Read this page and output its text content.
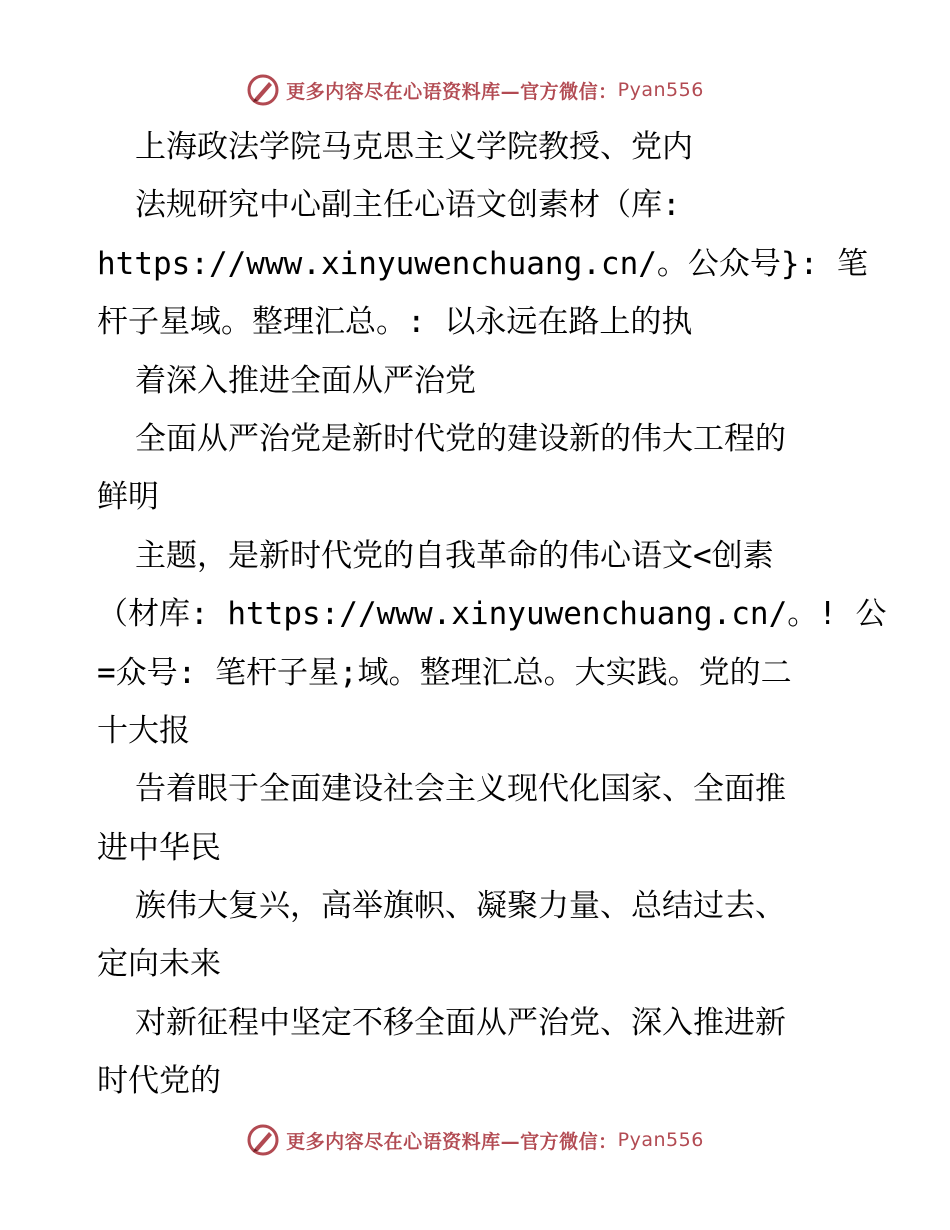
更多内容尽在心语资料库—官方微信： Pyan556
上海政法学院马克思主义学院教授、党内
法规研究中心副主任心语文创素材（库:
https://www.xinyuwenchuang.cn/。公众号}: 笔
杆子星域。整理汇总。: 以永远在路上的执
着深入推进全面从严治党
全面从严治党是新时代党的建设新的伟大工程的
鲜明
主题，是新时代党的自我革命的伟心语文<创素
（材库: https://www.xinyuwenchuang.cn/。! 公
=众号: 笔杆子星;域。整理汇总。大实践。党的二
十大报
告着眼于全面建设社会主义现代化国家、全面推
进中华民
族伟大复兴，高举旗帜、凝聚力量、总结过去、
定向未来
对新征程中坚定不移全面从严治党、深入推进新
时代党的
更多内容尽在心语资料库—官方微信： Pyan556
